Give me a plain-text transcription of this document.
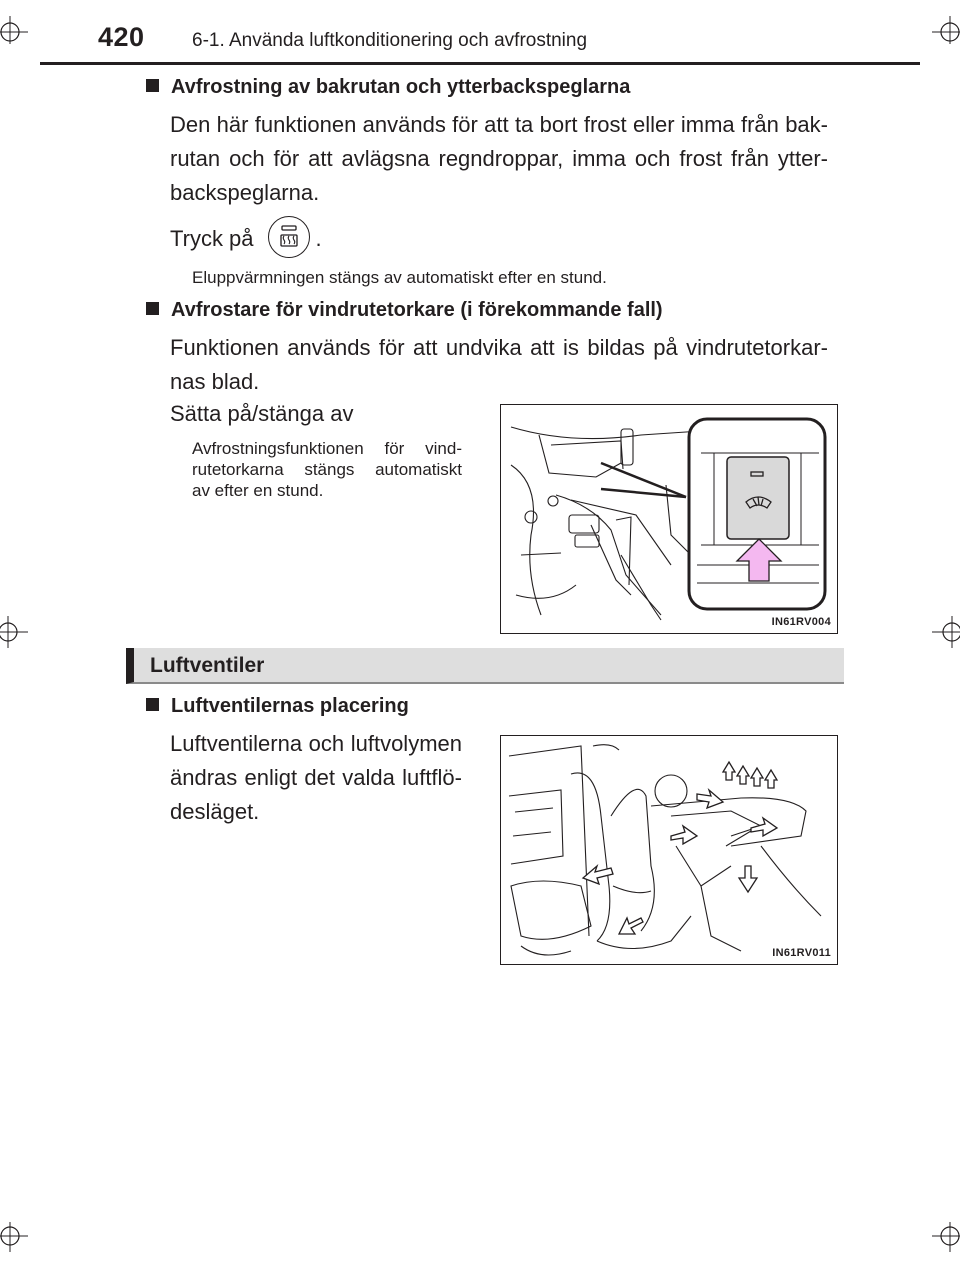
420 6-1. Använda luftkonditionering och avfrostning
Avfrostning av bakrutan och ytterbackspeglarna
Den här funktionen används för att ta bort frost eller imma från bak-
rutan och för att avlägsna regndroppar, imma och frost från ytter-
backspeglarna.
Tryck på	.
Eluppvärmningen stängs av automatiskt efter en stund.
Avfrostare för vindrutetorkare (i förekommande fall)
Funktionen används för att undvika att is bildas på vindrutetorkar-
nas blad.
Sätta på/stänga av
Avfrostningsfunktionen för vind-
rutetorkarna stängs automatiskt
av efter en stund.
IN61RV004
Luftventiler
Luftventilernas placering
Luftventilerna och luftvolymen
ändras enligt det valda luftflö-
desläget.
IN61RV011
